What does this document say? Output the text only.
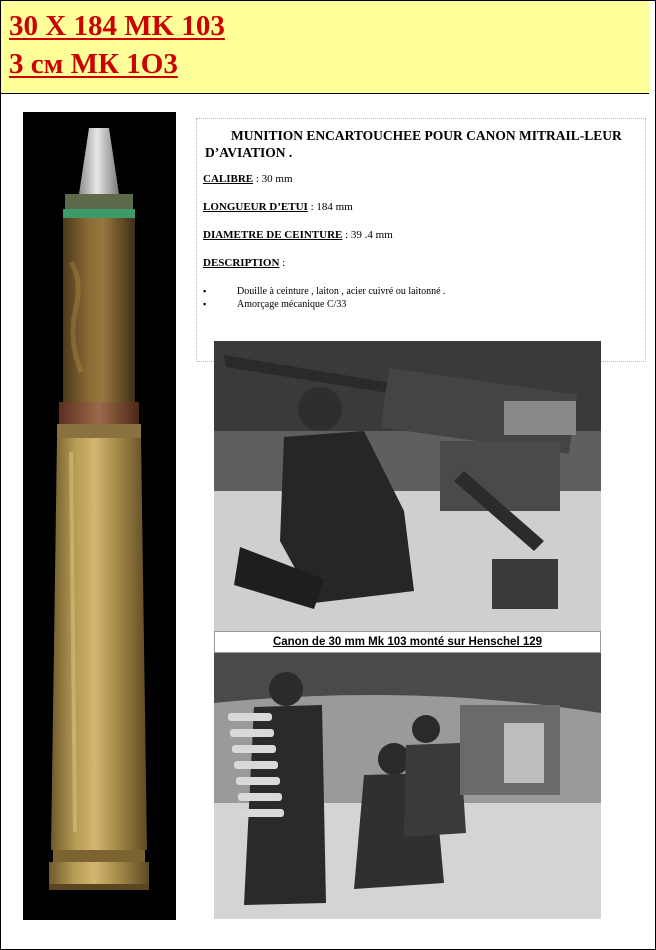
30 X 184 MK 103
3 см МК 1О3
MUNITION ENCARTOUCHEE POUR CANON MITRAIL-LEUR D’AVIATION .
CALIBRE : 30 mm
LONGUEUR D’ETUI : 184 mm
DIAMETRE DE CEINTURE : 39 .4 mm
DESCRIPTION :
▪ Douille à ceinture , laiton , acier cuivré ou laitonné .
▪ Amorçage mécanique C/33
Canon de 30 mm Mk 103 monté sur Henschel 129
